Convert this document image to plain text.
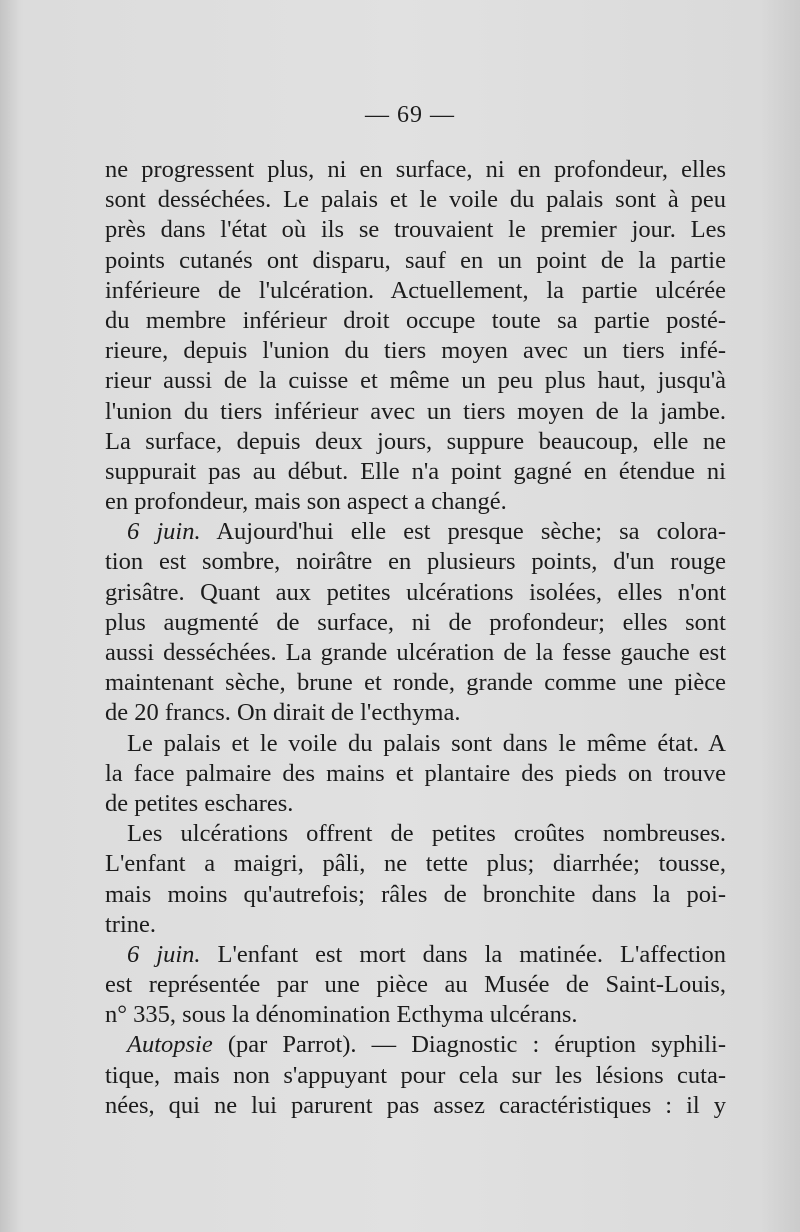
— 69 —
ne progressent plus, ni en surface, ni en profondeur, elles
sont desséchées. Le palais et le voile du palais sont à peu
près dans l'état où ils se trouvaient le premier jour. Les
points cutanés ont disparu, sauf en un point de la partie
inférieure de l'ulcération. Actuellement, la partie ulcérée
du membre inférieur droit occupe toute sa partie posté-
rieure, depuis l'union du tiers moyen avec un tiers infé-
rieur aussi de la cuisse et même un peu plus haut, jusqu'à
l'union du tiers inférieur avec un tiers moyen de la jambe.
La surface, depuis deux jours, suppure beaucoup, elle ne
suppurait pas au début. Elle n'a point gagné en étendue ni
en profondeur, mais son aspect a changé.
6 juin. Aujourd'hui elle est presque sèche; sa colora-
tion est sombre, noirâtre en plusieurs points, d'un rouge
grisâtre. Quant aux petites ulcérations isolées, elles n'ont
plus augmenté de surface, ni de profondeur; elles sont
aussi desséchées. La grande ulcération de la fesse gauche est
maintenant sèche, brune et ronde, grande comme une pièce
de 20 francs. On dirait de l'ecthyma.
Le palais et le voile du palais sont dans le même état. A
la face palmaire des mains et plantaire des pieds on trouve
de petites eschares.
Les ulcérations offrent de petites croûtes nombreuses.
L'enfant a maigri, pâli, ne tette plus; diarrhée; tousse,
mais moins qu'autrefois; râles de bronchite dans la poi-
trine.
6 juin. L'enfant est mort dans la matinée. L'affection
est représentée par une pièce au Musée de Saint-Louis,
n° 335, sous la dénomination Ecthyma ulcérans.
Autopsie (par Parrot). — Diagnostic : éruption syphili-
tique, mais non s'appuyant pour cela sur les lésions cuta-
nées, qui ne lui parurent pas assez caractéristiques : il y
